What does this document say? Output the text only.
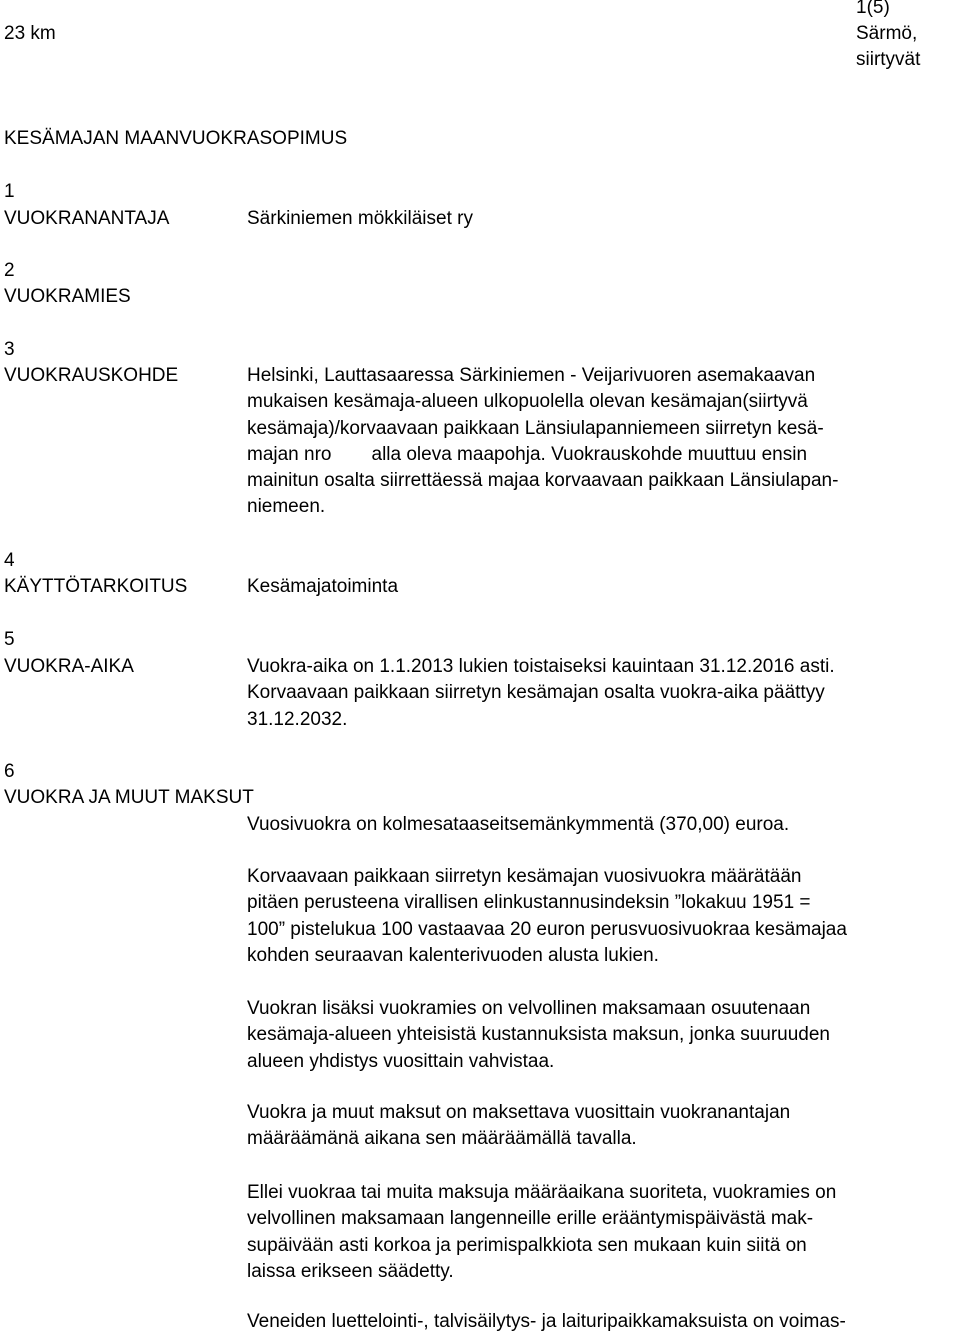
23 km
1(5)
Särmö,
siirtyvät
KESÄMAJAN MAANVUOKRASOPIMUS
1
VUOKRANANTAJA	Särkiniemen mökkiläiset ry
2
VUOKRAMIES
3
VUOKRAUSKOHDE	Helsinki, Lauttasaaressa Särkiniemen - Veijarivuoren asemakaavan
mukaisen kesämaja-alueen ulkopuolella olevan kesämajan(siirtyvä
kesämaja)/korvaavaan paikkaan Länsiulapanniemeen siirretyn kesä-
majan nro alla oleva maapohja. Vuokrauskohde muuttuu ensin
mainitun osalta siirrettäessä majaa korvaavaan paikkaan Länsiulapan-
niemeen.
4
KÄYTTÖTARKOITUS	Kesämajatoiminta
5
VUOKRA-AIKA	Vuokra-aika on 1.1.2013 lukien toistaiseksi kauintaan 31.12.2016 asti.
Korvaavaan paikkaan siirretyn kesämajan osalta vuokra-aika päättyy
31.12.2032.
6
VUOKRA JA MUUT MAKSUT
Vuosivuokra on kolmesataaseitsemänkymmentä (370,00) euroa.
Korvaavaan paikkaan siirretyn kesämajan vuosivuokra määrätään
pitäen perusteena virallisen elinkustannusindeksin ”lokakuu 1951 =
100” pistelukua 100 vastaavaa 20 euron perusvuosivuokraa kesämajaa
kohden seuraavan kalenterivuoden alusta lukien.
Vuokran lisäksi vuokramies on velvollinen maksamaan osuutenaan
kesämaja-alueen yhteisistä kustannuksista maksun, jonka suuruuden
alueen yhdistys vuosittain vahvistaa.
Vuokra ja muut maksut on maksettava vuosittain vuokranantajan
määräämänä aikana sen määräämällä tavalla.
Ellei vuokraa tai muita maksuja määräaikana suoriteta, vuokramies on
velvollinen maksamaan langenneille erille erääntymispäivästä mak-
supäivään asti korkoa ja perimispalkkiota sen mukaan kuin siitä on
laissa erikseen säädetty.
Veneiden luettelointi-, talvisäilytys- ja laituripaikkamaksuista on voimas-
